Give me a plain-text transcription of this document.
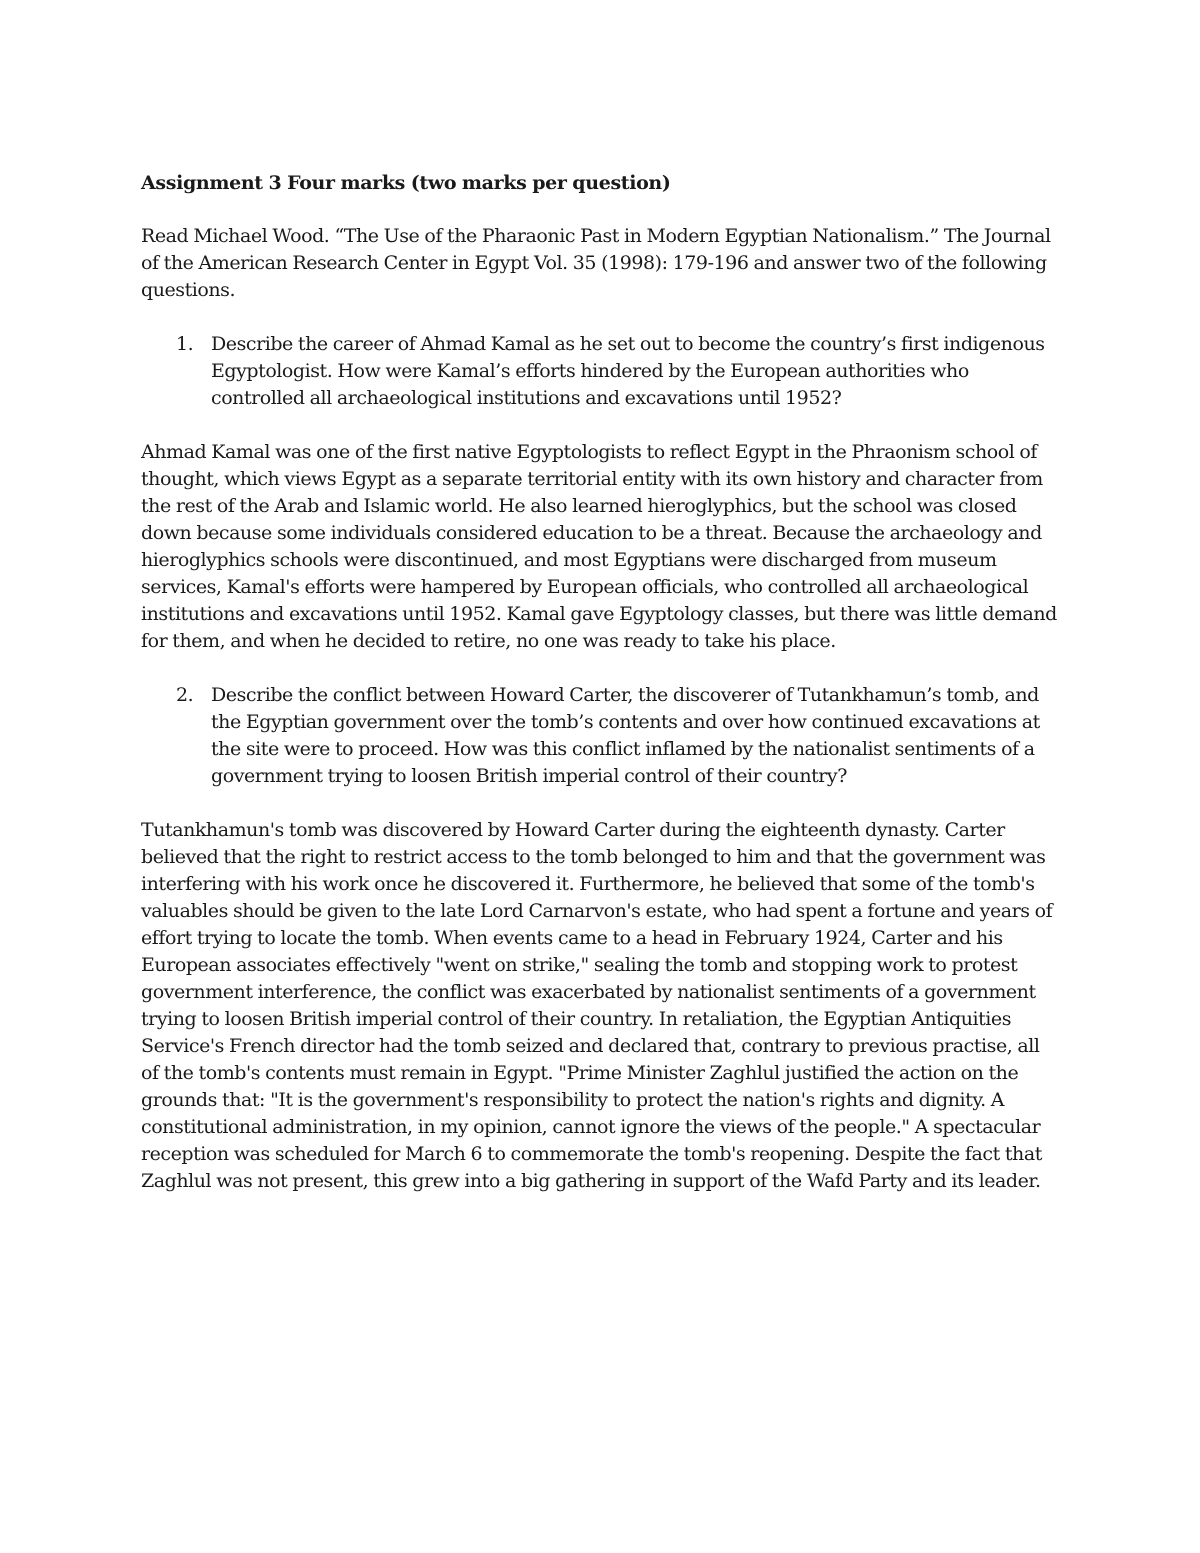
Assignment 3 Four marks (two marks per question)

Read Michael Wood. “The Use of the Pharaonic Past in Modern Egyptian Nationalism.” The Journal of the American Research Center in Egypt Vol. 35 (1998): 179-196 and answer two of the following questions.

1. Describe the career of Ahmad Kamal as he set out to become the country’s first indigenous Egyptologist. How were Kamal’s efforts hindered by the European authorities who controlled all archaeological institutions and excavations until 1952?

Ahmad Kamal was one of the first native Egyptologists to reflect Egypt in the Phraonism school of thought, which views Egypt as a separate territorial entity with its own history and character from the rest of the Arab and Islamic world. He also learned hieroglyphics, but the school was closed down because some individuals considered education to be a threat. Because the archaeology and hieroglyphics schools were discontinued, and most Egyptians were discharged from museum services, Kamal's efforts were hampered by European officials, who controlled all archaeological institutions and excavations until 1952. Kamal gave Egyptology classes, but there was little demand for them, and when he decided to retire, no one was ready to take his place.

2. Describe the conflict between Howard Carter, the discoverer of Tutankhamun’s tomb, and the Egyptian government over the tomb’s contents and over how continued excavations at the site were to proceed. How was this conflict inflamed by the nationalist sentiments of a government trying to loosen British imperial control of their country?

Tutankhamun's tomb was discovered by Howard Carter during the eighteenth dynasty. Carter believed that the right to restrict access to the tomb belonged to him and that the government was interfering with his work once he discovered it. Furthermore, he believed that some of the tomb's valuables should be given to the late Lord Carnarvon's estate, who had spent a fortune and years of effort trying to locate the tomb. When events came to a head in February 1924, Carter and his European associates effectively "went on strike," sealing the tomb and stopping work to protest government interference, the conflict was exacerbated by nationalist sentiments of a government trying to loosen British imperial control of their country. In retaliation, the Egyptian Antiquities Service's French director had the tomb seized and declared that, contrary to previous practise, all of the tomb's contents must remain in Egypt. "Prime Minister Zaghlul justified the action on the grounds that: "It is the government's responsibility to protect the nation's rights and dignity. A constitutional administration, in my opinion, cannot ignore the views of the people." A spectacular reception was scheduled for March 6 to commemorate the tomb's reopening. Despite the fact that Zaghlul was not present, this grew into a big gathering in support of the Wafd Party and its leader.
